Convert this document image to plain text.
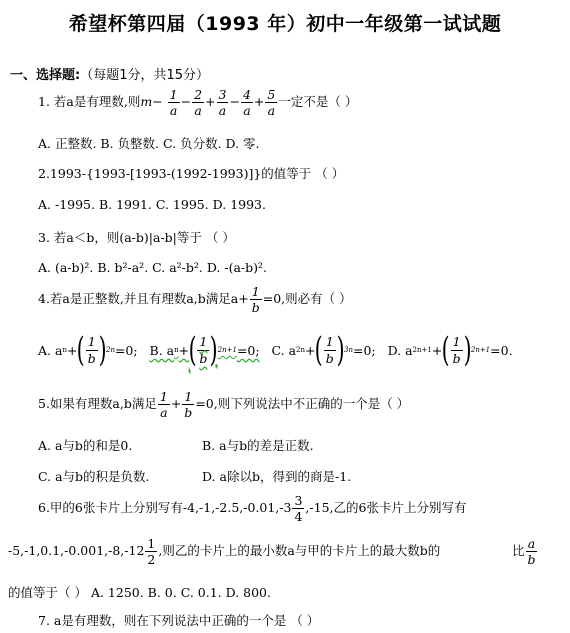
希望杯第四届（1993 年）初中一年级第一试试题
一、选择题:（每题1分，共15分）
1. 若a是有理数,则$m- \frac{1}{a} - \frac{2}{a} + \frac{3}{a} - \frac{4}{a} + \frac{5}{a}$ 一定不是（ ）
A. 正整数. B. 负整数. C. 负分数. D. 零.
2.1993-{1993-[1993-(1992-1993)]}的值等于 （ ）
A. -1995. B. 1991. C. 1995. D. 1993.
3. 若a＜b，则(a-b)|a-b|等于 （ ）
A. (a-b)². B. b²-a². C. a²-b². D. -(a-b)².
4.若a是正整数,并且有理数a,b满足$a+ \frac{1}{b} =0$,则必有（ ）
A. a n + ( 1
b ) 2n =0;
B. a n + ( 1
b ) 2n+1 =0;
C. a 2n + ( 1
b ) 3n =0;
D. a 2n+1 + ( 1
b ) 2n+1 =0.
5.如果有理数a,b满足 $\frac{1}{a} + \frac{1}{b} =0$,则下列说法中不正确的一个是（ ）
A. a与b的和是0.	B. a与b的差是正数.
C. a与b的积是负数.	D. a除以b，得到的商是-1.
6.甲的6张卡片上分别写有$-4,-1,-2.5,-0.01,-3 \frac{3}{4} ,-15$,乙的6张卡片上分别写有
$-5,-1,0.1,-0.001,-8,-12 \frac{1}{2}$ ,则乙的卡片上的最小数a与甲的卡片上的最大数b的	比 $\frac{a}{b}$
的值等于（ ） A. 1250. B. 0. C. 0.1. D. 800.
7. a是有理数，则在下列说法中正确的一个是 （ ）
